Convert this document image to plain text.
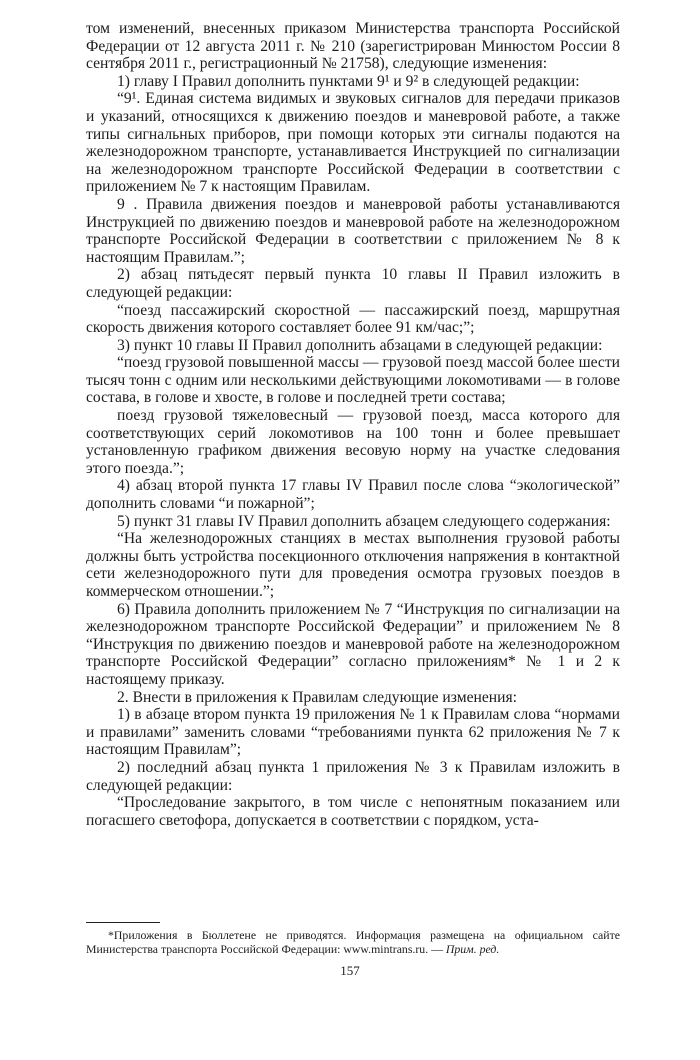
том изменений, внесенных приказом Министерства транспорта Российской Федерации от 12 августа 2011 г. № 210 (зарегистрирован Минюстом России 8 сентября 2011 г., регистрационный № 21758), следующие изменения:

1) главу I Правил дополнить пунктами 9¹ и 9² в следующей редакции:

“9¹. Единая система видимых и звуковых сигналов для передачи приказов и указаний, относящихся к движению поездов и маневровой работе, а также типы сигнальных приборов, при помощи которых эти сигналы подаются на железнодорожном транспорте, устанавливается Инструкцией по сигнализации на железнодорожном транспорте Российской Федерации в соответствии с приложением № 7 к настоящим Правилам.

9 . Правила движения поездов и маневровой работы устанавливаются Инструкцией по движению поездов и маневровой работе на железнодорожном транспорте Российской Федерации в соответствии с приложением № 8 к настоящим Правилам.”;

2) абзац пятьдесят первый пункта 10 главы II Правил изложить в следующей редакции:

“поезд пассажирский скоростной — пассажирский поезд, маршрутная скорость движения которого составляет более 91 км/час;”;

3) пункт 10 главы II Правил дополнить абзацами в следующей редакции:

“поезд грузовой повышенной массы — грузовой поезд массой более шести тысяч тонн с одним или несколькими действующими локомотивами — в голове состава, в голове и хвосте, в голове и последней трети состава;

поезд грузовой тяжеловесный — грузовой поезд, масса которого для соответствующих серий локомотивов на 100 тонн и более превышает установленную графиком движения весовую норму на участке следования этого поезда.”;

4) абзац второй пункта 17 главы IV Правил после слова “экологической” дополнить словами “и пожарной”;

5) пункт 31 главы IV Правил дополнить абзацем следующего содержания:

“На железнодорожных станциях в местах выполнения грузовой работы должны быть устройства посекционного отключения напряжения в контактной сети железнодорожного пути для проведения осмотра грузовых поездов в коммерческом отношении.”;

6) Правила дополнить приложением № 7 “Инструкция по сигнализации на железнодорожном транспорте Российской Федерации” и приложением № 8 “Инструкция по движению поездов и маневровой работе на железнодорожном транспорте Российской Федерации” согласно приложениям* № 1 и 2 к настоящему приказу.

2. Внести в приложения к Правилам следующие изменения:

1) в абзаце втором пункта 19 приложения № 1 к Правилам слова “нормами и правилами” заменить словами “требованиями пункта 62 приложения № 7 к настоящим Правилам”;

2) последний абзац пункта 1 приложения № 3 к Правилам изложить в следующей редакции:

“Проследование закрытого, в том числе с непонятным показанием или погасшего светофора, допускается в соответствии с порядком, уста-

*Приложения в Бюллетене не приводятся. Информация размещена на официальном сайте Министерства транспорта Российской Федерации: www.mintrans.ru. — Прим. ред.
157
